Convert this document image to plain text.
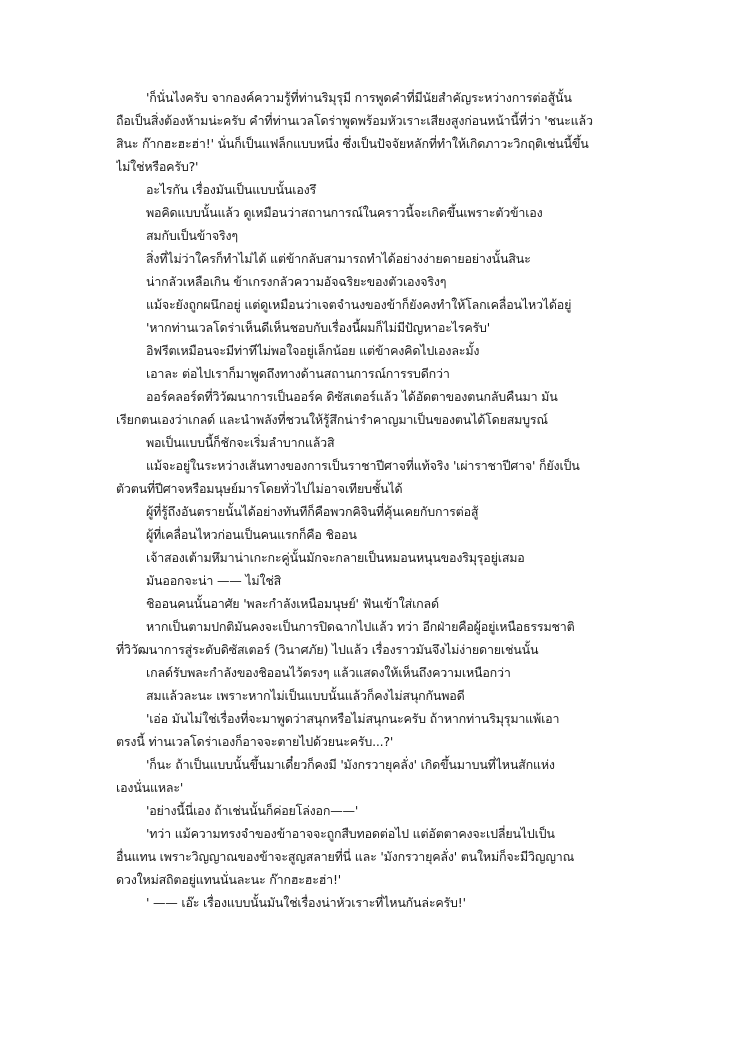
'ก็นั่นไงครับ จากองค์ความรู้ที่ท่านริมุรุมี การพูดคำที่มีนัยสำคัญระหว่างการต่อสู้นั้น
ถือเป็นสิ่งต้องห้ามน่ะครับ คำที่ท่านเวลโดร่าพูดพร้อมหัวเราะเสียงสูงก่อนหน้านี้ที่ว่า 'ชนะแล้ว
สินะ ก๊ากฮะฮะฮ่า!' นั่นก็เป็นแฟล็กแบบหนึ่ง ซึ่งเป็นปัจจัยหลักที่ทำให้เกิดภาวะวิกฤติเช่นนี้ขึ้น
ไม่ใช่หรือครับ?'
อะไรกัน เรื่องมันเป็นแบบนั้นเองรึ
พอคิดแบบนั้นแล้ว ดูเหมือนว่าสถานการณ์ในคราวนี้จะเกิดขึ้นเพราะตัวข้าเอง
สมกับเป็นข้าจริงๆ
สิ่งที่ไม่ว่าใครก็ทำไม่ได้ แต่ข้ากลับสามารถทำได้อย่างง่ายดายอย่างนั้นสินะ
น่ากลัวเหลือเกิน ข้าเกรงกลัวความอัจฉริยะของตัวเองจริงๆ
แม้จะยังถูกผนึกอยู่ แต่ดูเหมือนว่าเจตจำนงของข้าก็ยังคงทำให้โลกเคลื่อนไหวได้อยู่
'หากท่านเวลโดร่าเห็นดีเห็นชอบกับเรื่องนี้ผมก็ไม่มีปัญหาอะไรครับ'
อิฟรีตเหมือนจะมีท่าทีไม่พอใจอยู่เล็กน้อย แต่ข้าคงคิดไปเองละมั้ง
เอาละ ต่อไปเราก็มาพูดถึงทางด้านสถานการณ์การรบดีกว่า
ออร์คลอร์ดที่วิวัฒนาการเป็นออร์ค ดิซัสเตอร์แล้ว ได้อัดตาของตนกลับคืนมา มัน
เรียกตนเองว่าเกลด์ และนำพลังที่ชวนให้รู้สึกน่ารำคาญมาเป็นของตนได้โดยสมบูรณ์
พอเป็นแบบนี้ก็ชักจะเริ่มลำบากแล้วสิ
แม้จะอยู่ในระหว่างเส้นทางของการเป็นราชาปีศาจที่แท้จริง 'เผ่าราชาปีศาจ' ก็ยังเป็น
ตัวตนที่ปีศาจหรือมนุษย์มารโดยทั่วไปไม่อาจเทียบชั้นได้
ผู้ที่รู้ถึงอันตรายนั้นได้อย่างทันทีก็คือพวกคิจินที่คุ้นเคยกับการต่อสู้
ผู้ที่เคลื่อนไหวก่อนเป็นคนแรกก็คือ ชิออน
เจ้าสองเต้ามหึมาน่าเกะกะคู่นั้นมักจะกลายเป็นหมอนหนุนของริมุรุอยู่เสมอ
มันออกจะน่า —— ไม่ใช่สิ
ชิออนคนนั้นอาศัย 'พละกำลังเหนือมนุษย์' ฟันเข้าใส่เกลด์
หากเป็นตามปกติมันคงจะเป็นการปิดฉากไปแล้ว ทว่า อีกฝ่ายคือผู้อยู่เหนือธรรมชาติ
ที่วิวัฒนาการสู่ระดับดิซัสเตอร์ (วินาศภัย) ไปแล้ว เรื่องราวมันจึงไม่ง่ายดายเช่นนั้น
เกลด์รับพละกำลังของชิออนไว้ตรงๆ แล้วแสดงให้เห็นถึงความเหนือกว่า
สมแล้วละนะ เพราะหากไม่เป็นแบบนั้นแล้วก็คงไม่สนุกกันพอดี
'เอ่อ มันไม่ใช่เรื่องที่จะมาพูดว่าสนุกหรือไม่สนุกนะครับ ถ้าหากท่านริมุรุมาแพ้เอา
ตรงนี้ ท่านเวลโดร่าเองก็อาจจะตายไปด้วยนะครับ...?'
'ก็นะ ถ้าเป็นแบบนั้นขึ้นมาเดี๋ยวก็คงมี 'มังกรวายุคลั่ง' เกิดขึ้นมาบนที่ไหนสักแห่ง
เองนั่นแหละ'
'อย่างนี้นี่เอง ถ้าเช่นนั้นก็ค่อยโล่งอก——'
'ทว่า แม้ความทรงจำของข้าอาจจะถูกสืบทอดต่อไป แต่อัตตาคงจะเปลี่ยนไปเป็น
อื่นแทน เพราะวิญญาณของข้าจะสูญสลายที่นี่ และ 'มังกรวายุคลั่ง' ตนใหม่ก็จะมีวิญญาณ
ดวงใหม่สถิตอยู่แทนนั่นละนะ ก๊ากฮะฮะฮ่า!'
' —— เอ๊ะ เรื่องแบบนั้นมันใช่เรื่องน่าหัวเราะที่ไหนกันล่ะครับ!'
